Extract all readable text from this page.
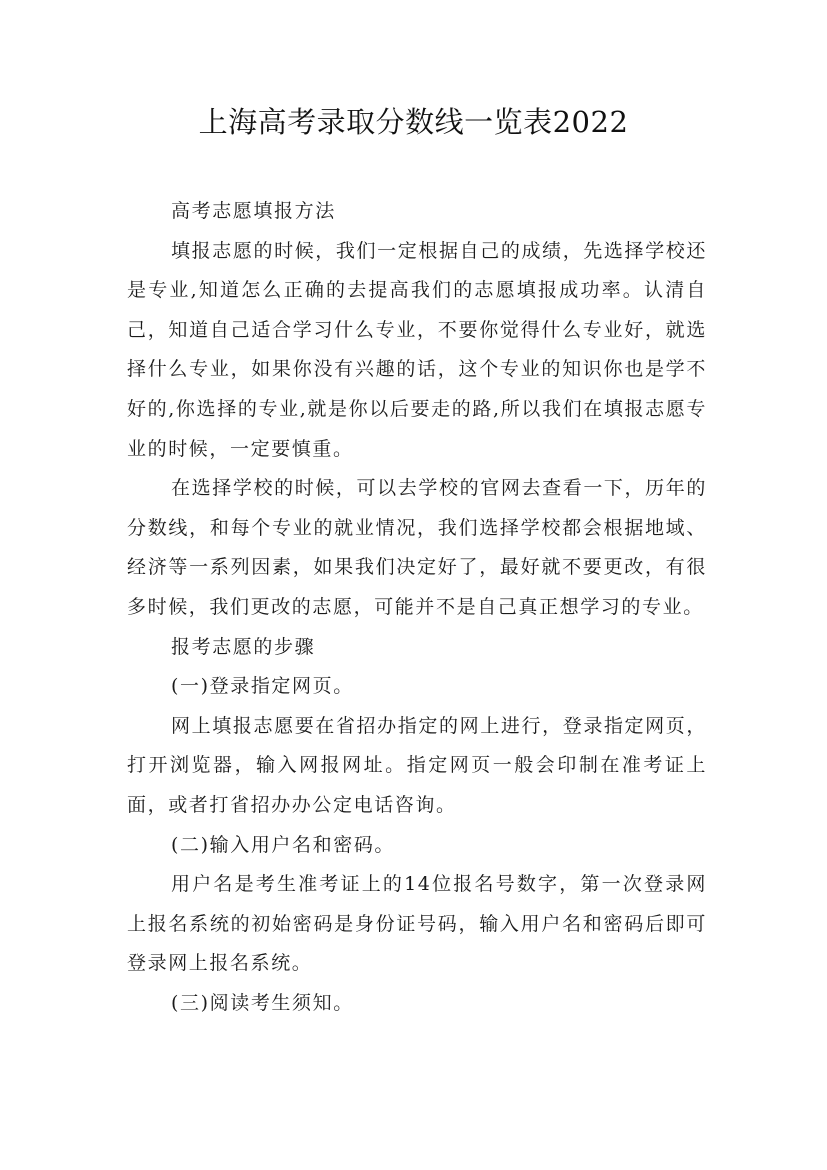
上海高考录取分数线一览表2022
高考志愿填报方法

填报志愿的时候，我们一定根据自己的成绩，先选择学校还是专业,知道怎么正确的去提高我们的志愿填报成功率。认清自己，知道自己适合学习什么专业，不要你觉得什么专业好，就选择什么专业，如果你没有兴趣的话，这个专业的知识你也是学不好的,你选择的专业,就是你以后要走的路,所以我们在填报志愿专业的时候，一定要慎重。

在选择学校的时候，可以去学校的官网去查看一下，历年的分数线，和每个专业的就业情况，我们选择学校都会根据地域、经济等一系列因素，如果我们决定好了，最好就不要更改，有很多时候，我们更改的志愿，可能并不是自己真正想学习的专业。

报考志愿的步骤
(一)登录指定网页。

网上填报志愿要在省招办指定的网上进行，登录指定网页，打开浏览器，输入网报网址。指定网页一般会印制在准考证上面，或者打省招办办公定电话咨询。

(二)输入用户名和密码。

用户名是考生准考证上的14位报名号数字，第一次登录网上报名系统的初始密码是身份证号码，输入用户名和密码后即可登录网上报名系统。

(三)阅读考生须知。
